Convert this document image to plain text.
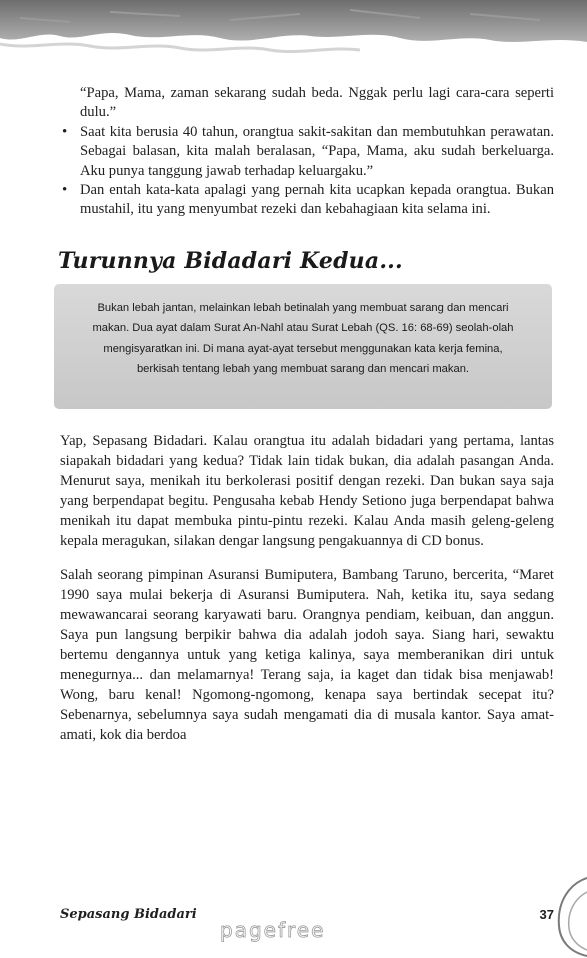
“Papa, Mama, zaman sekarang sudah beda. Nggak perlu lagi cara-cara seperti dulu.”

• Saat kita berusia 40 tahun, orangtua sakit-sakitan dan membutuhkan perawatan. Sebagai balasan, kita malah beralasan, “Papa, Mama, aku sudah berkeluarga. Aku punya tanggung jawab terhadap keluargaku.”
• Dan entah kata-kata apalagi yang pernah kita ucapkan kepada orangtua. Bukan mustahil, itu yang menyumbat rezeki dan kebahagiaan kita selama ini.
Turunnya Bidadari Kedua...

Bukan lebah jantan, melainkan lebah betinalah yang membuat sarang dan mencari makan. Dua ayat dalam Surat An-Nahl atau Surat Lebah (QS. 16: 68-69) seolah-olah mengisyaratkan ini. Di mana ayat-ayat tersebut menggunakan kata kerja femina, berkisah tentang lebah yang membuat sarang dan mencari makan.

Yap, Sepasang Bidadari. Kalau orangtua itu adalah bidadari yang pertama, lantas siapakah bidadari yang kedua? Tidak lain tidak bukan, dia adalah pasangan Anda. Menurut saya, menikah itu berkolerasi positif dengan rezeki. Dan bukan saya saja yang berpendapat begitu. Pengusaha kebab Hendy Setiono juga berpendapat bahwa menikah itu dapat membuka pintu-pintu rezeki. Kalau Anda masih geleng-geleng kepala meragukan, silakan dengar langsung pengakuannya di CD bonus.

Salah seorang pimpinan Asuransi Bumiputera, Bambang Taruno, bercerita, “Maret 1990 saya mulai bekerja di Asuransi Bumiputera. Nah, ketika itu, saya sedang mewawancarai seorang karyawati baru. Orangnya pendiam, keibuan, dan anggun. Saya pun langsung berpikir bahwa dia adalah jodoh saya. Siang hari, sewaktu bertemu dengannya untuk yang ketiga kalinya, saya memberanikan diri untuk menegurnya... dan melamarnya! Terang saja, ia kaget dan tidak bisa menjawab! Wong, baru kenal! Ngomong-ngomong, kenapa saya bertindak secepat itu? Sebenarnya, sebelumnya saya sudah mengamati dia di musala kantor. Saya amat-amati, kok dia berdoa

Sepasang Bidadari	37
pagefree
